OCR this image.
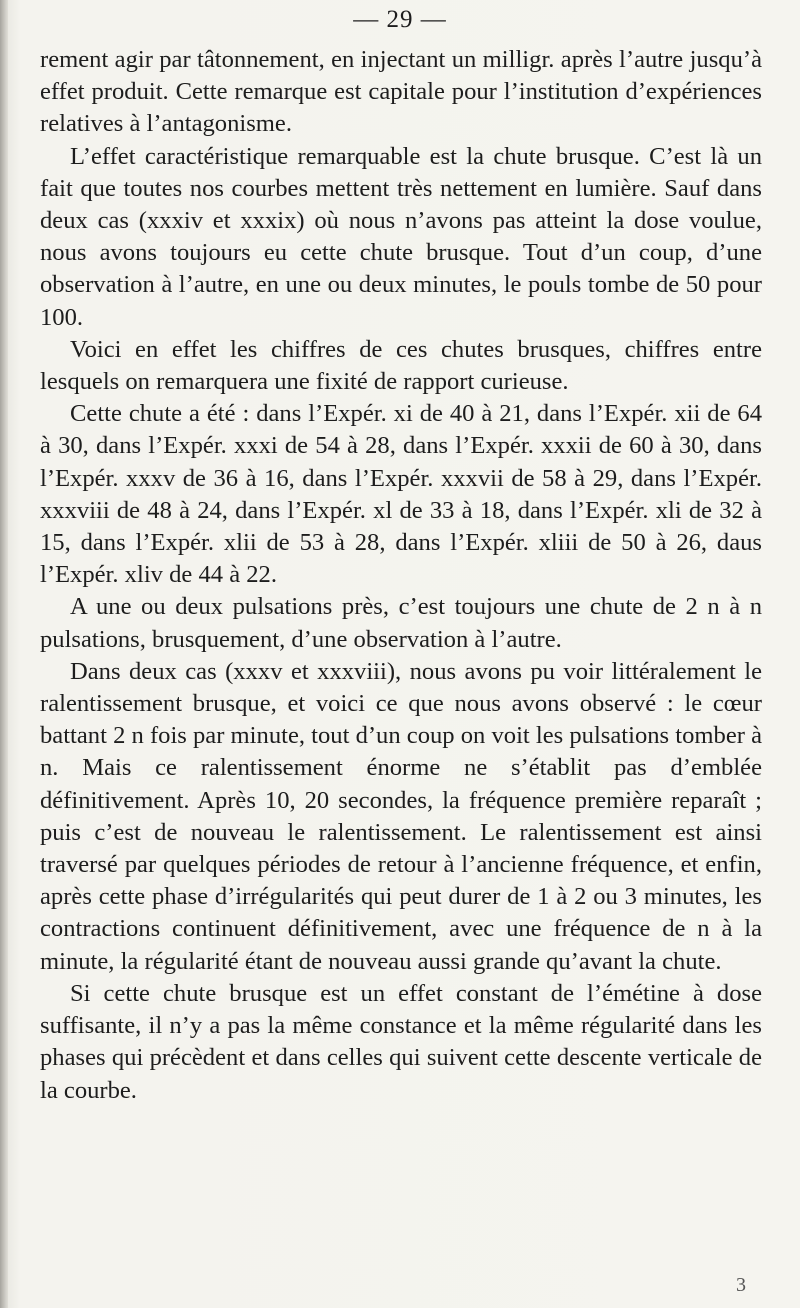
— 29 —

rement agir par tâtonnement, en injectant un milligr. après l’autre jusqu’à effet produit. Cette remarque est capitale pour l’institution d’expériences relatives à l’antagonisme.

L’effet caractéristique remarquable est la chute brusque. C’est là un fait que toutes nos courbes mettent très nettement en lumière. Sauf dans deux cas (xxxiv et xxxix) où nous n’avons pas atteint la dose voulue, nous avons toujours eu cette chute brusque. Tout d’un coup, d’une observation à l’autre, en une ou deux minutes, le pouls tombe de 50 pour 100.

Voici en effet les chiffres de ces chutes brusques, chiffres entre lesquels on remarquera une fixité de rapport curieuse.

Cette chute a été : dans l’Expér. xi de 40 à 21, dans l’Expér. xii de 64 à 30, dans l’Expér. xxxi de 54 à 28, dans l’Expér. xxxii de 60 à 30, dans l’Expér. xxxv de 36 à 16, dans l’Expér. xxxvii de 58 à 29, dans l’Expér. xxxviii de 48 à 24, dans l’Expér. xl de 33 à 18, dans l’Expér. xli de 32 à 15, dans l’Expér. xlii de 53 à 28, dans l’Expér. xliii de 50 à 26, daus l’Expér. xliv de 44 à 22.

A une ou deux pulsations près, c’est toujours une chute de 2 n à n pulsations, brusquement, d’une observation à l’autre.

Dans deux cas (xxxv et xxxviii), nous avons pu voir littéralement le ralentissement brusque, et voici ce que nous avons observé : le cœur battant 2 n fois par minute, tout d’un coup on voit les pulsations tomber à n. Mais ce ralentissement énorme ne s’établit pas d’emblée définitivement. Après 10, 20 secondes, la fréquence première reparaît ; puis c’est de nouveau le ralentissement. Le ralentissement est ainsi traversé par quelques périodes de retour à l’ancienne fréquence, et enfin, après cette phase d’irrégularités qui peut durer de 1 à 2 ou 3 minutes, les contractions continuent définitivement, avec une fréquence de n à la minute, la régularité étant de nouveau aussi grande qu’avant la chute.

Si cette chute brusque est un effet constant de l’émétine à dose suffisante, il n’y a pas la même constance et la même régularité dans les phases qui précèdent et dans celles qui suivent cette descente verticale de la courbe.

3
